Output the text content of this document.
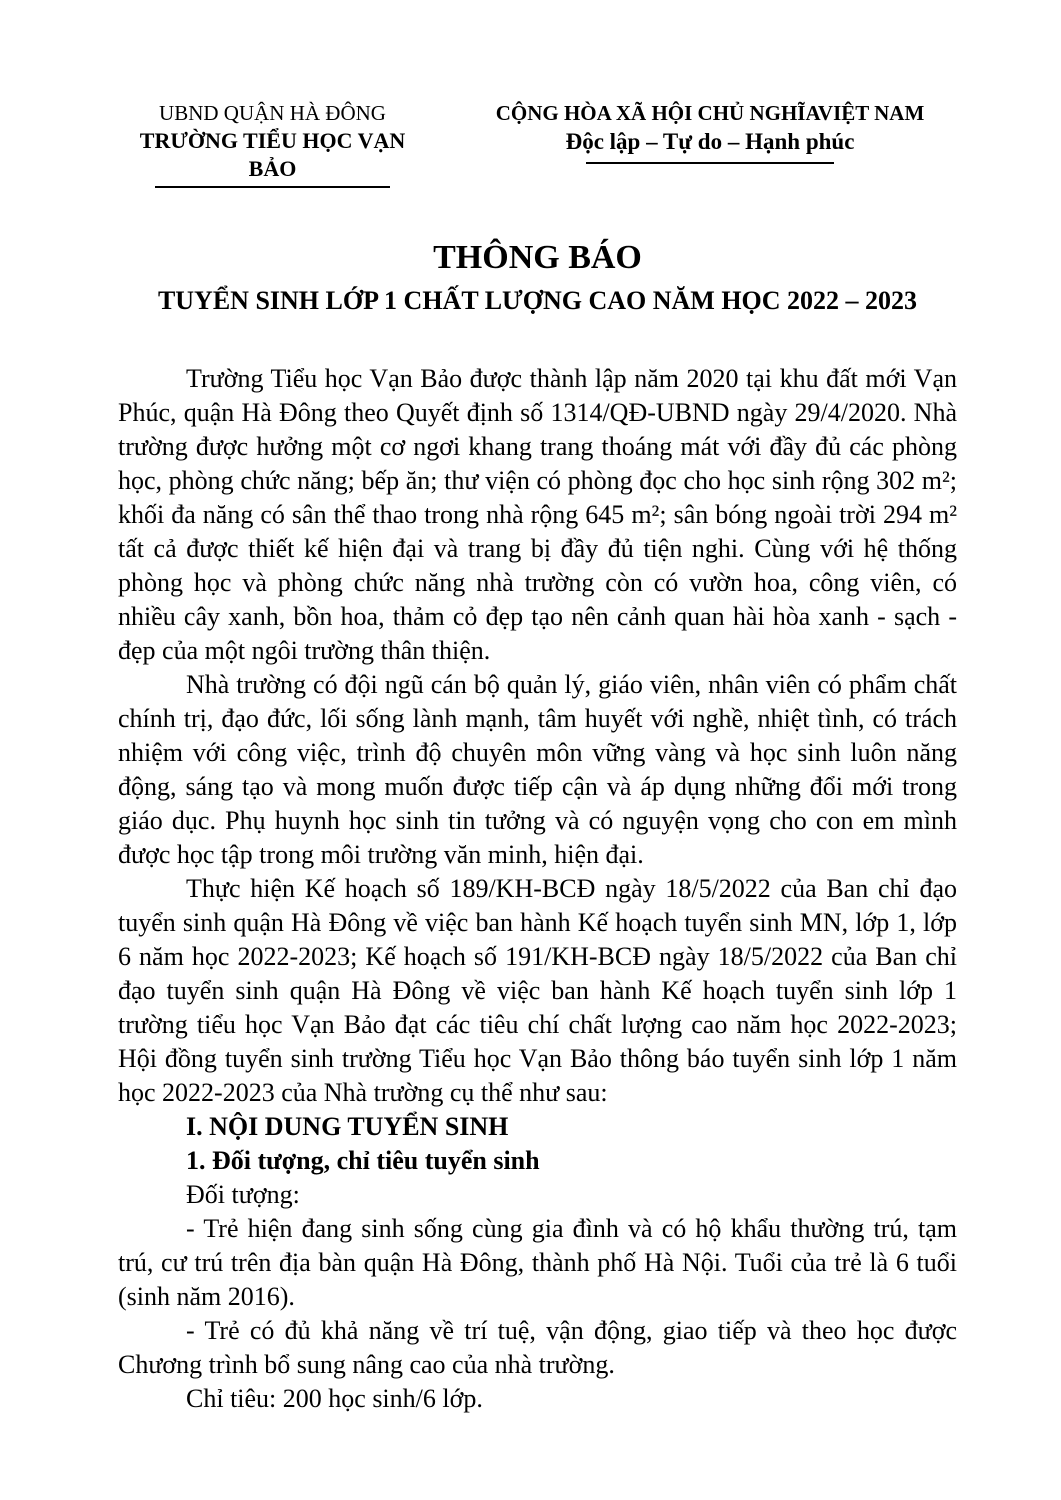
UBND QUẬN HÀ ĐÔNG
TRƯỜNG TIỂU HỌC VẠN BẢO
CỘNG HÒA XÃ HỘI CHỦ NGHĨAVIỆT NAM
Độc lập – Tự do – Hạnh phúc

THÔNG BÁO

TUYỂN SINH LỚP 1 CHẤT LƯỢNG CAO NĂM HỌC 2022 – 2023

Trường Tiểu học Vạn Bảo được thành lập năm 2020 tại khu đất mới Vạn Phúc, quận Hà Đông theo Quyết định số 1314/QĐ-UBND ngày 29/4/2020. Nhà trường được hưởng một cơ ngơi khang trang thoáng mát với đầy đủ các phòng học, phòng chức năng; bếp ăn; thư viện có phòng đọc cho học sinh rộng 302 m²; khối đa năng có sân thể thao trong nhà rộng 645 m²; sân bóng ngoài trời 294 m² tất cả được thiết kế hiện đại và trang bị đầy đủ tiện nghi. Cùng với hệ thống phòng học và phòng chức năng nhà trường còn có vườn hoa, công viên, có nhiều cây xanh, bồn hoa, thảm cỏ đẹp tạo nên cảnh quan hài hòa xanh - sạch - đẹp của một ngôi trường thân thiện.

Nhà trường có đội ngũ cán bộ quản lý, giáo viên, nhân viên có phẩm chất chính trị, đạo đức, lối sống lành mạnh, tâm huyết với nghề, nhiệt tình, có trách nhiệm với công việc, trình độ chuyên môn vững vàng và học sinh luôn năng động, sáng tạo và mong muốn được tiếp cận và áp dụng những đổi mới trong giáo dục. Phụ huynh học sinh tin tưởng và có nguyện vọng cho con em mình được học tập trong môi trường văn minh, hiện đại.

Thực hiện Kế hoạch số 189/KH-BCĐ ngày 18/5/2022 của Ban chỉ đạo tuyển sinh quận Hà Đông về việc ban hành Kế hoạch tuyển sinh MN, lớp 1, lớp 6 năm học 2022-2023; Kế hoạch số 191/KH-BCĐ ngày 18/5/2022 của Ban chỉ đạo tuyển sinh quận Hà Đông về việc ban hành Kế hoạch tuyển sinh lớp 1 trường tiểu học Vạn Bảo đạt các tiêu chí chất lượng cao năm học 2022-2023; Hội đồng tuyển sinh trường Tiểu học Vạn Bảo thông báo tuyển sinh lớp 1 năm học 2022-2023 của Nhà trường cụ thể như sau:

I. NỘI DUNG TUYỂN SINH

1. Đối tượng, chỉ tiêu tuyển sinh

Đối tượng:

- Trẻ hiện đang sinh sống cùng gia đình và có hộ khẩu thường trú, tạm trú, cư trú trên địa bàn quận Hà Đông, thành phố Hà Nội. Tuổi của trẻ là 6 tuổi (sinh năm 2016).

- Trẻ có đủ khả năng về trí tuệ, vận động, giao tiếp và theo học được Chương trình bổ sung nâng cao của nhà trường.

Chỉ tiêu: 200 học sinh/6 lớp.
